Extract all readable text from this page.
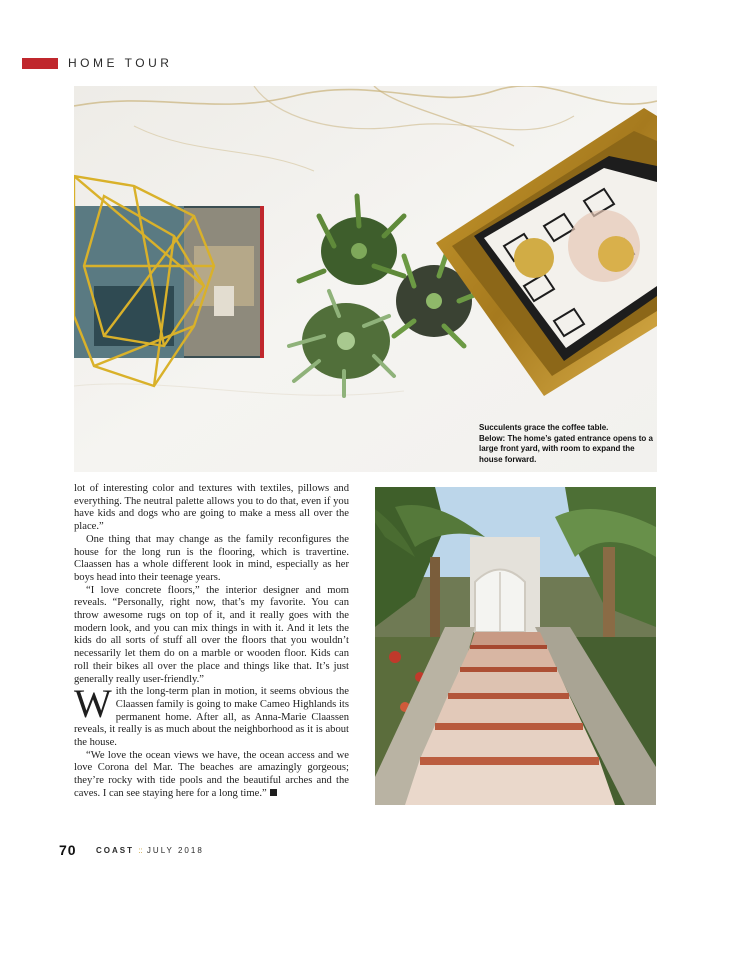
HOME TOUR
Succulents grace the coffee table.
Below: The home’s gated entrance opens to a large front yard, with room to expand the house forward.

lot of interesting color and textures with textiles, pillows and everything. The neutral palette allows you to do that, even if you have kids and dogs who are going to make a mess all over the place.”

One thing that may change as the family reconfigures the house for the long run is the flooring, which is travertine. Claassen has a whole different look in mind, especially as her boys head into their teenage years.

“I love concrete floors,” the interior designer and mom reveals. “Personally, right now, that’s my favorite. You can throw awesome rugs on top of it, and it really goes with the modern look, and you can mix things in with it. And it lets the kids do all sorts of stuff all over the floors that you wouldn’t necessarily let them do on a marble or wooden floor. Kids can roll their bikes all over the place and things like that. It’s just generally really user-friendly.”

With the long-term plan in motion, it seems obvious the Claassen family is going to make Cameo Highlands its permanent home. After all, as Anna-Marie Claassen reveals, it really is as much about the neighborhood as it is about the house.

“We love the ocean views we have, the ocean access and we love Corona del Mar. The beaches are amazingly gorgeous; they’re rocky with tide pools and the beautiful arches and the caves. I can see staying here for a long time.”

70 COAST :: JULY 2018
